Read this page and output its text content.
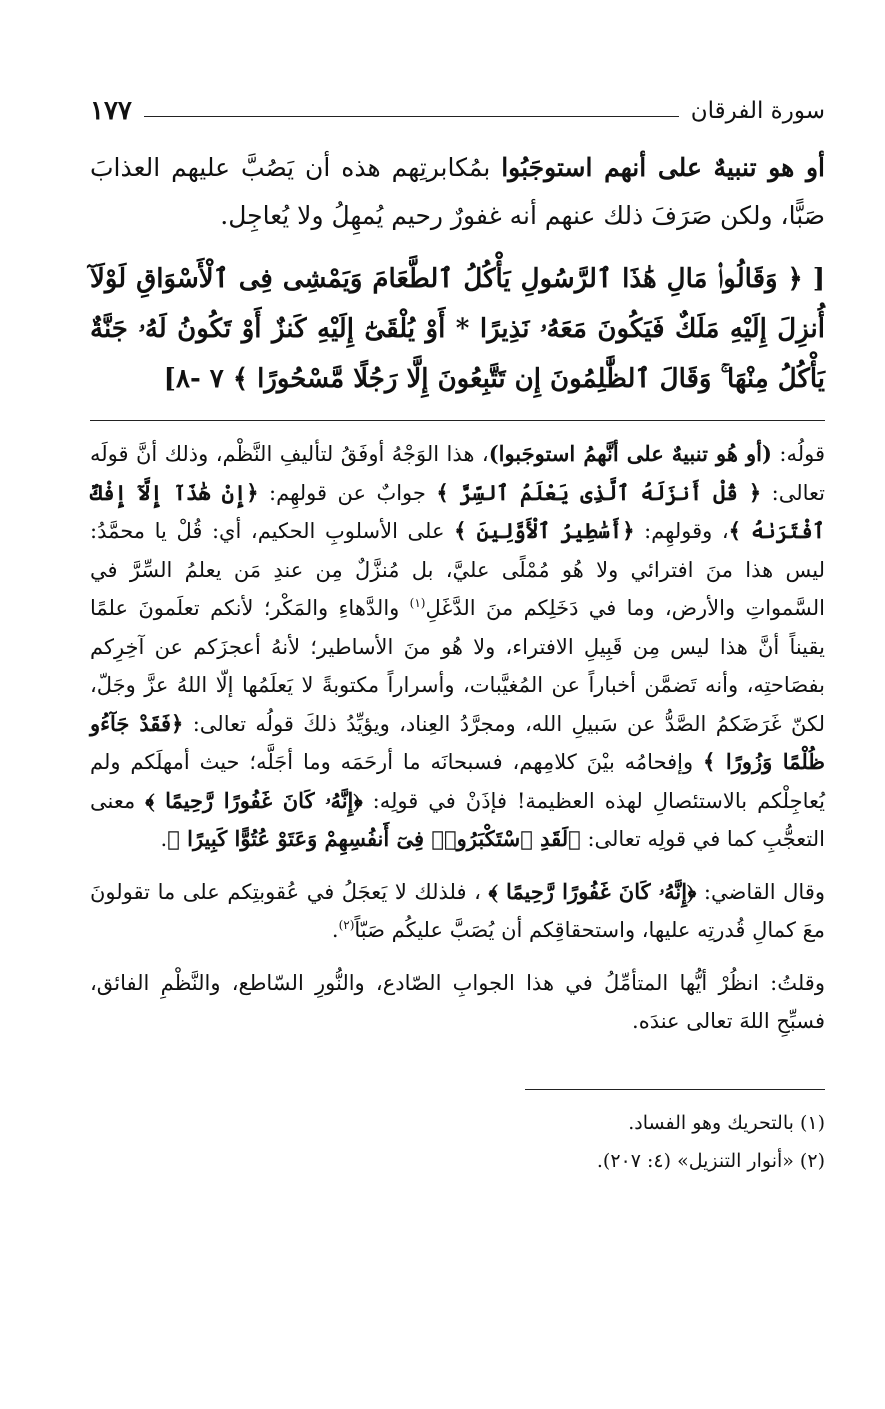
سورة الفرقان
١٧٧

أو هو تنبيهٌ على أنهم استوجَبُوا بمُكابرتِهم هذه أن يَصُبَّ عليهم العذابَ صَبًّا، ولكن صَرَفَ ذلك عنهم أنه غفورٌ رحيم يُمهِلُ ولا يُعاجِل.

[ ﴿ وَقَالُوا۟ مَالِ هَٰذَا ٱلرَّسُولِ يَأْكُلُ ٱلطَّعَامَ وَيَمْشِى فِى ٱلْأَسْوَاقِ لَوْلَآ أُنزِلَ إِلَيْهِ مَلَكٌ فَيَكُونَ مَعَهُۥ نَذِيرًا * أَوْ يُلْقَىٰٓ إِلَيْهِ كَنزٌ أَوْ تَكُونُ لَهُۥ جَنَّةٌ يَأْكُلُ مِنْهَا ۚ وَقَالَ ٱلظَّٰلِمُونَ إِن تَتَّبِعُونَ إِلَّا رَجُلًا مَّسْحُورًا ﴾ ٧ -٨]

قولُه: (أو هُو تنبيهٌ على أنَّهمُ استوجَبوا)، هذا الوَجْهُ أوفَقُ لتأليفِ النَّظْم، وذلك أنَّ قولَه تعالى: ﴿ قُلْ أَنزَلَهُ ٱلَّذِى يَعْلَمُ ٱلسِّرَّ ﴾ جوابٌ عن قولهِم: ﴿إِنْ هَٰذَآ إِلَّآ إِفْكٌ ٱفْتَرَىٰهُ ﴾، وقولهِم: ﴿أَسَٰطِيرُ ٱلْأَوَّلِينَ ﴾ على الأسلوبِ الحكيم، أي: قُلْ يا محمَّدُ: ليس هذا منَ افترائي ولا هُو مُمْلًى عليَّ، بل مُنزَّلٌ مِن عندِ مَن يعلمُ السِّرَّ في السَّمواتِ والأرض، وما في دَخَلِكم منَ الدَّغَلِ$^{(١)}$ والدَّهاءِ والمَكْر؛ لأنكم تعلَمونَ علمًا يقيناً أنَّ هذا ليس مِن قَبِيلِ الافتراء، ولا هُو منَ الأساطير؛ لأنهُ أعجزَكم عن آخِرِكم بفصَاحتِه، وأنه تَضمَّن أخباراً عن المُغيَّبات، وأسراراً مكتوبةً لا يَعلَمُها إلّا اللهُ عزَّ وجَلّ، لكنّ غَرَضَكمُ الصَّدُّ عن سَبيلِ الله، ومجرَّدُ العِناد، ويؤيِّدُ ذلكَ قولُه تعالى: ﴿فَقَدْ جَآءُو ظُلْمًا وَزُورًا ﴾ وإفحامُه بيْنَ كلامِهم، فسبحانَه ما أرحَمَه وما أجَلَّه؛ حيث أمهلَكم ولم يُعاجِلْكم بالاستئصالِ لهذه العظيمة! فإذَنْ في قولِه: ﴿إِنَّهُۥ كَانَ غَفُورًا رَّحِيمًا ﴾ معنى التعجُّبِ كما في قولِه تعالى: ﴿لَقَدِ ٱسْتَكْبَرُوا۟ فِىٓ أَنفُسِهِمْ وَعَتَوْ عُتُوًّا كَبِيرًا ﴾.

وقال القاضي: ﴿إِنَّهُۥ كَانَ غَفُورًا رَّحِيمًا ﴾ ، فلذلك لا يَعجَلُ في عُقوبتِكم على ما تقولونَ معَ كمالِ قُدرتِه عليها، واستحقاقِكم أن يُصَبَّ عليكُم صَبّاً$^{(٢)}$.

وقلتُ: انظُرْ أيُّها المتأمِّلُ في هذا الجوابِ الصّادع، والنُّورِ السّاطع، والنَّظْمِ الفائق، فسبِّحِ اللهَ تعالى عندَه.

(١) بالتحريك وهو الفساد.

(٢) «أنوار التنزيل» (٤: ٢٠٧).
